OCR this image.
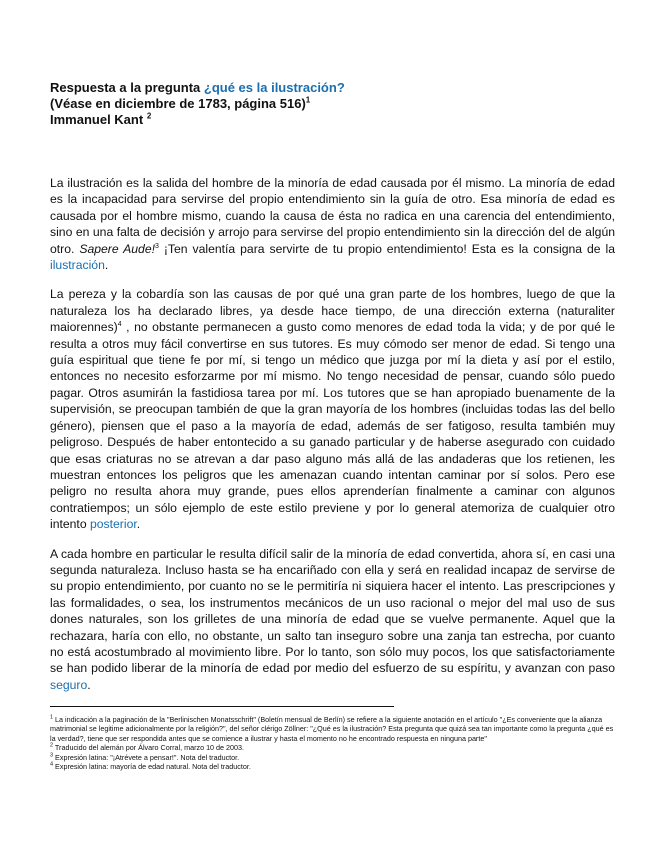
Respuesta a la pregunta ¿qué es la ilustración?
(Véase en diciembre de 1783, página 516)$^1$
Immanuel Kant $^2$

La ilustración es la salida del hombre de la minoría de edad causada por él mismo. La minoría de edad es la incapacidad para servirse del propio entendimiento sin la guía de otro. Esa minoría de edad es causada por el hombre mismo, cuando la causa de ésta no radica en una carencia del entendimiento, sino en una falta de decisión y arrojo para servirse del propio entendimiento sin la dirección del de algún otro. Sapere Aude!$^3$ ¡Ten valentía para servirte de tu propio entendimiento! Esta es la consigna de la ilustración.

La pereza y la cobardía son las causas de por qué una gran parte de los hombres, luego de que la naturaleza los ha declarado libres, ya desde hace tiempo, de una dirección externa (naturaliter maiorennes)$^4$ , no obstante permanecen a gusto como menores de edad toda la vida; y de por qué le resulta a otros muy fácil convertirse en sus tutores. Es muy cómodo ser menor de edad. Si tengo una guía espiritual que tiene fe por mí, si tengo un médico que juzga por mí la dieta y así por el estilo, entonces no necesito esforzarme por mí mismo. No tengo necesidad de pensar, cuando sólo puedo pagar. Otros asumirán la fastidiosa tarea por mí. Los tutores que se han apropiado buenamente de la supervisión, se preocupan también de que la gran mayoría de los hombres (incluidas todas las del bello género), piensen que el paso a la mayoría de edad, además de ser fatigoso, resulta también muy peligroso. Después de haber entontecido a su ganado particular y de haberse asegurado con cuidado que esas criaturas no se atrevan a dar paso alguno más allá de las andaderas que los retienen, les muestran entonces los peligros que les amenazan cuando intentan caminar por sí solos. Pero ese peligro no resulta ahora muy grande, pues ellos aprenderían finalmente a caminar con algunos contratiempos; un sólo ejemplo de este estilo previene y por lo general atemoriza de cualquier otro intento posterior.

A cada hombre en particular le resulta difícil salir de la minoría de edad convertida, ahora sí, en casi una segunda naturaleza. Incluso hasta se ha encariñado con ella y será en realidad incapaz de servirse de su propio entendimiento, por cuanto no se le permitiría ni siquiera hacer el intento. Las prescripciones y las formalidades, o sea, los instrumentos mecánicos de un uso racional o mejor del mal uso de sus dones naturales, son los grilletes de una minoría de edad que se vuelve permanente. Aquel que la rechazara, haría con ello, no obstante, un salto tan inseguro sobre una zanja tan estrecha, por cuanto no está acostumbrado al movimiento libre. Por lo tanto, son sólo muy pocos, los que satisfactoriamente se han podido liberar de la minoría de edad por medio del esfuerzo de su espíritu, y avanzan con paso seguro.

$^1$ La indicación a la paginación de la "Berlinischen Monatsschrift" (Boletín mensual de Berlín) se refiere a la siguiente anotación en el artículo "¿Es conveniente que la alianza matrimonial se legitime adicionalmente por la religión?", del señor clérigo Zöllner: "¿Qué es la ilustración? Esta pregunta que quizá sea tan importante como la pregunta ¿qué es la verdad?, tiene que ser respondida antes que se comience a ilustrar y hasta el momento no he encontrado respuesta en ninguna parte"

$^2$ Traducido del alemán por Álvaro Corral, marzo 10 de 2003.

$^3$ Expresión latina: "¡Atrévete a pensar!". Nota del traductor.

$^4$ Expresión latina: mayoría de edad natural. Nota del traductor.
